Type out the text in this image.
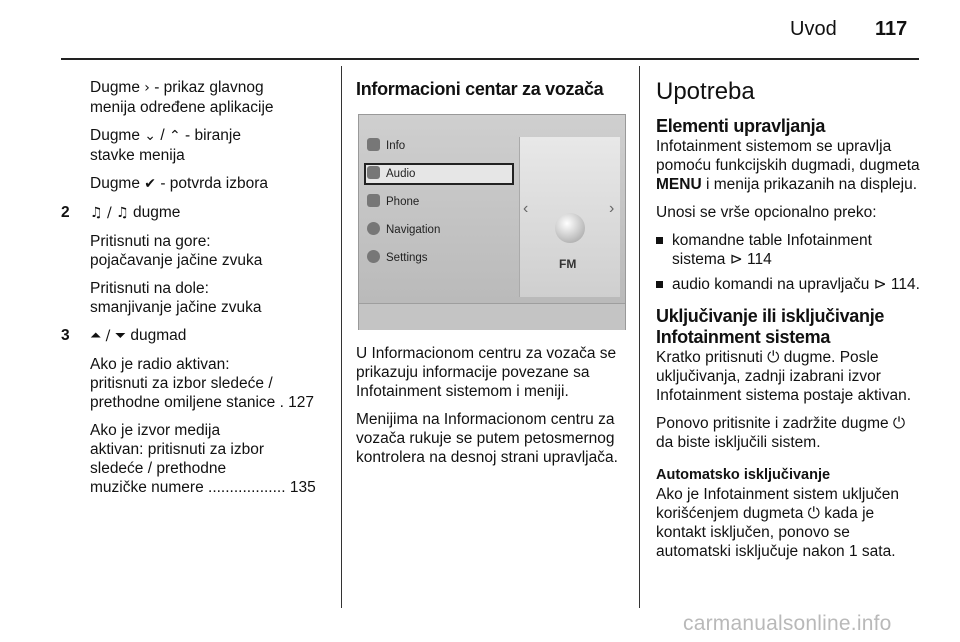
Uvod 117
Dugme › - prikaz glavnog
menija određene aplikacije
Dugme ⌄ / ⌃ - biranje
stavke menija
Dugme ✔ - potvrda izbora
2 ♫ / ♫ dugme
Pritisnuti na gore:
pojačavanje jačine zvuka
Pritisnuti na dole:
smanjivanje jačine zvuka
3 ⏶ / ⏷ dugmad
Ako je radio aktivan:
pritisnuti za izbor sledeće /
prethodne omiljene stanice . 127
Ako je izvor medija
aktivan: pritisnuti za izbor
sledeće / prethodne
muzičke numere .................. 135
Informacioni centar za vozača
Info
Audio
Phone
Navigation
Settings
‹	›
FM
U Informacionom centru za vozača se prikazuju informacije povezane sa Infotainment sistemom i meniji.
Menijima na Informacionom centru za vozača rukuje se putem petosmernog kontrolera na desnoj strani upravljača.
Upotreba
Elementi upravljanja
Infotainment sistemom se upravlja pomoću funkcijskih dugmadi, dugmeta MENU i menija prikazanih na displeju.
Unosi se vrše opcionalno preko:
komandne table Infotainment sistema ⊳ 114
audio komandi na upravljaču ⊳ 114.
Uključivanje ili isključivanje Infotainment sistema
Kratko pritisnuti ⏻ dugme. Posle uključivanja, zadnji izabrani izvor Infotainment sistema postaje aktivan.
Ponovo pritisnite i zadržite dugme ⏻ da biste isključili sistem.
Automatsko isključivanje
Ako je Infotainment sistem uključen korišćenjem dugmeta ⏻ kada je kontakt isključen, ponovo se automatski isključuje nakon 1 sata.
carmanualsonline.info
